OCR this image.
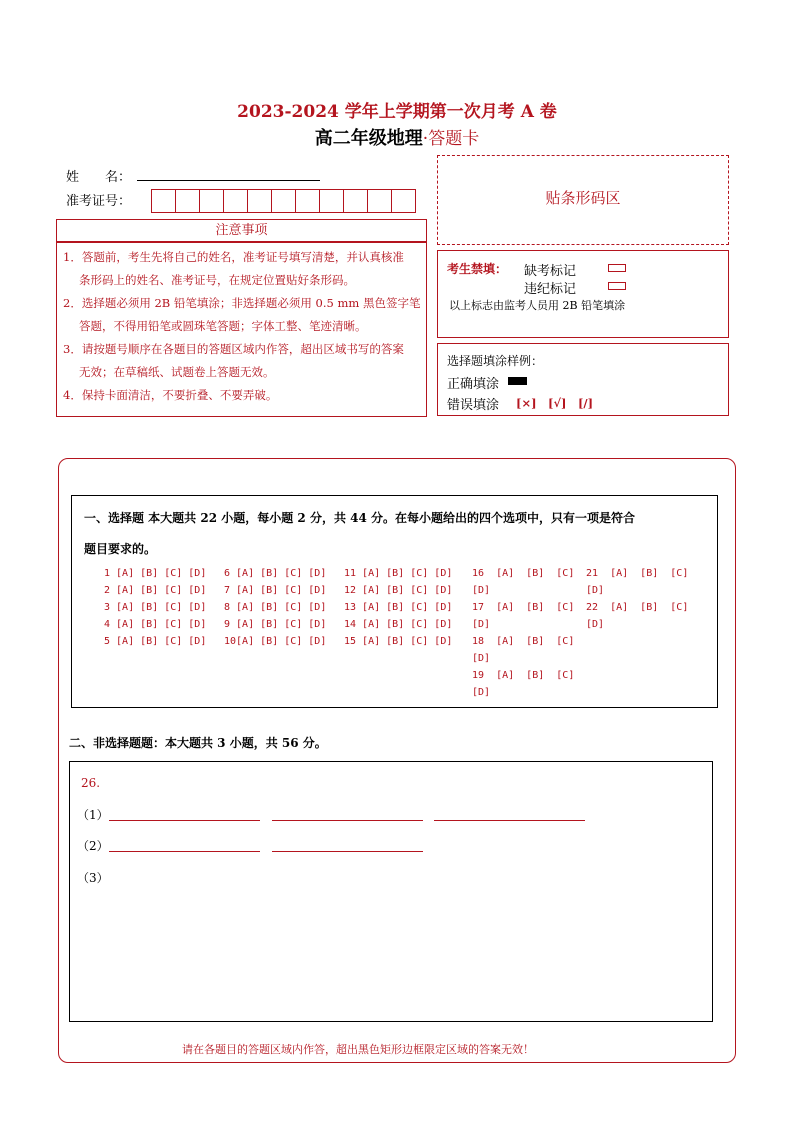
2023-2024 学年上学期第一次月考 A 卷
高二年级地理·答题卡
姓　　名：
准考证号：	贴条形码区
注意事项
1．答题前，考生先将自己的姓名，准考证号填写清楚，并认真核准
条形码上的姓名、准考证号，在规定位置贴好条形码。
2．选择题必须用 2B 铅笔填涂；非选择题必须用 0.5 mm 黑色签字笔
答题，不得用铅笔或圆珠笔答题；字体工整、笔迹清晰。
3．请按题号顺序在各题目的答题区域内作答，超出区域书写的答案
无效；在草稿纸、试题卷上答题无效。
4．保持卡面清洁，不要折叠、不要弄破。
考生禁填： 缺考标记
违纪标记
以上标志由监考人员用 2B 铅笔填涂
选择题填涂样例：
正确填涂
错误填涂 [×]　[√]　[/]
一、选择题 本大题共 22 小题，每小题 2 分，共 44 分。在每小题给出的四个选项中，只有一项是符合
题目要求的。
1 [A] [B] [C] [D]
2 [A] [B] [C] [D]
3 [A] [B] [C] [D]
4 [A] [B] [C] [D]
5 [A] [B] [C] [D]
6 [A] [B] [C] [D]
7 [A] [B] [C] [D]
8 [A] [B] [C] [D]
9 [A] [B] [C] [D]
10[A] [B] [C] [D]
11 [A] [B] [C] [D]
12 [A] [B] [C] [D]
13 [A] [B] [C] [D]
14 [A] [B] [C] [D]
15 [A] [B] [C] [D]
16  [A]  [B]  [C]
[D]
17  [A]  [B]  [C]
[D]
18  [A]  [B]  [C]
[D]
19  [A]  [B]  [C]
[D]
21  [A]  [B]  [C]
[D]
22  [A]  [B]  [C]
[D]
二、非选择题题：本大题共 3 小题，共 56 分。
26.
（1）
（2）
（3）
请在各题目的答题区域内作答，超出黑色矩形边框限定区域的答案无效！
